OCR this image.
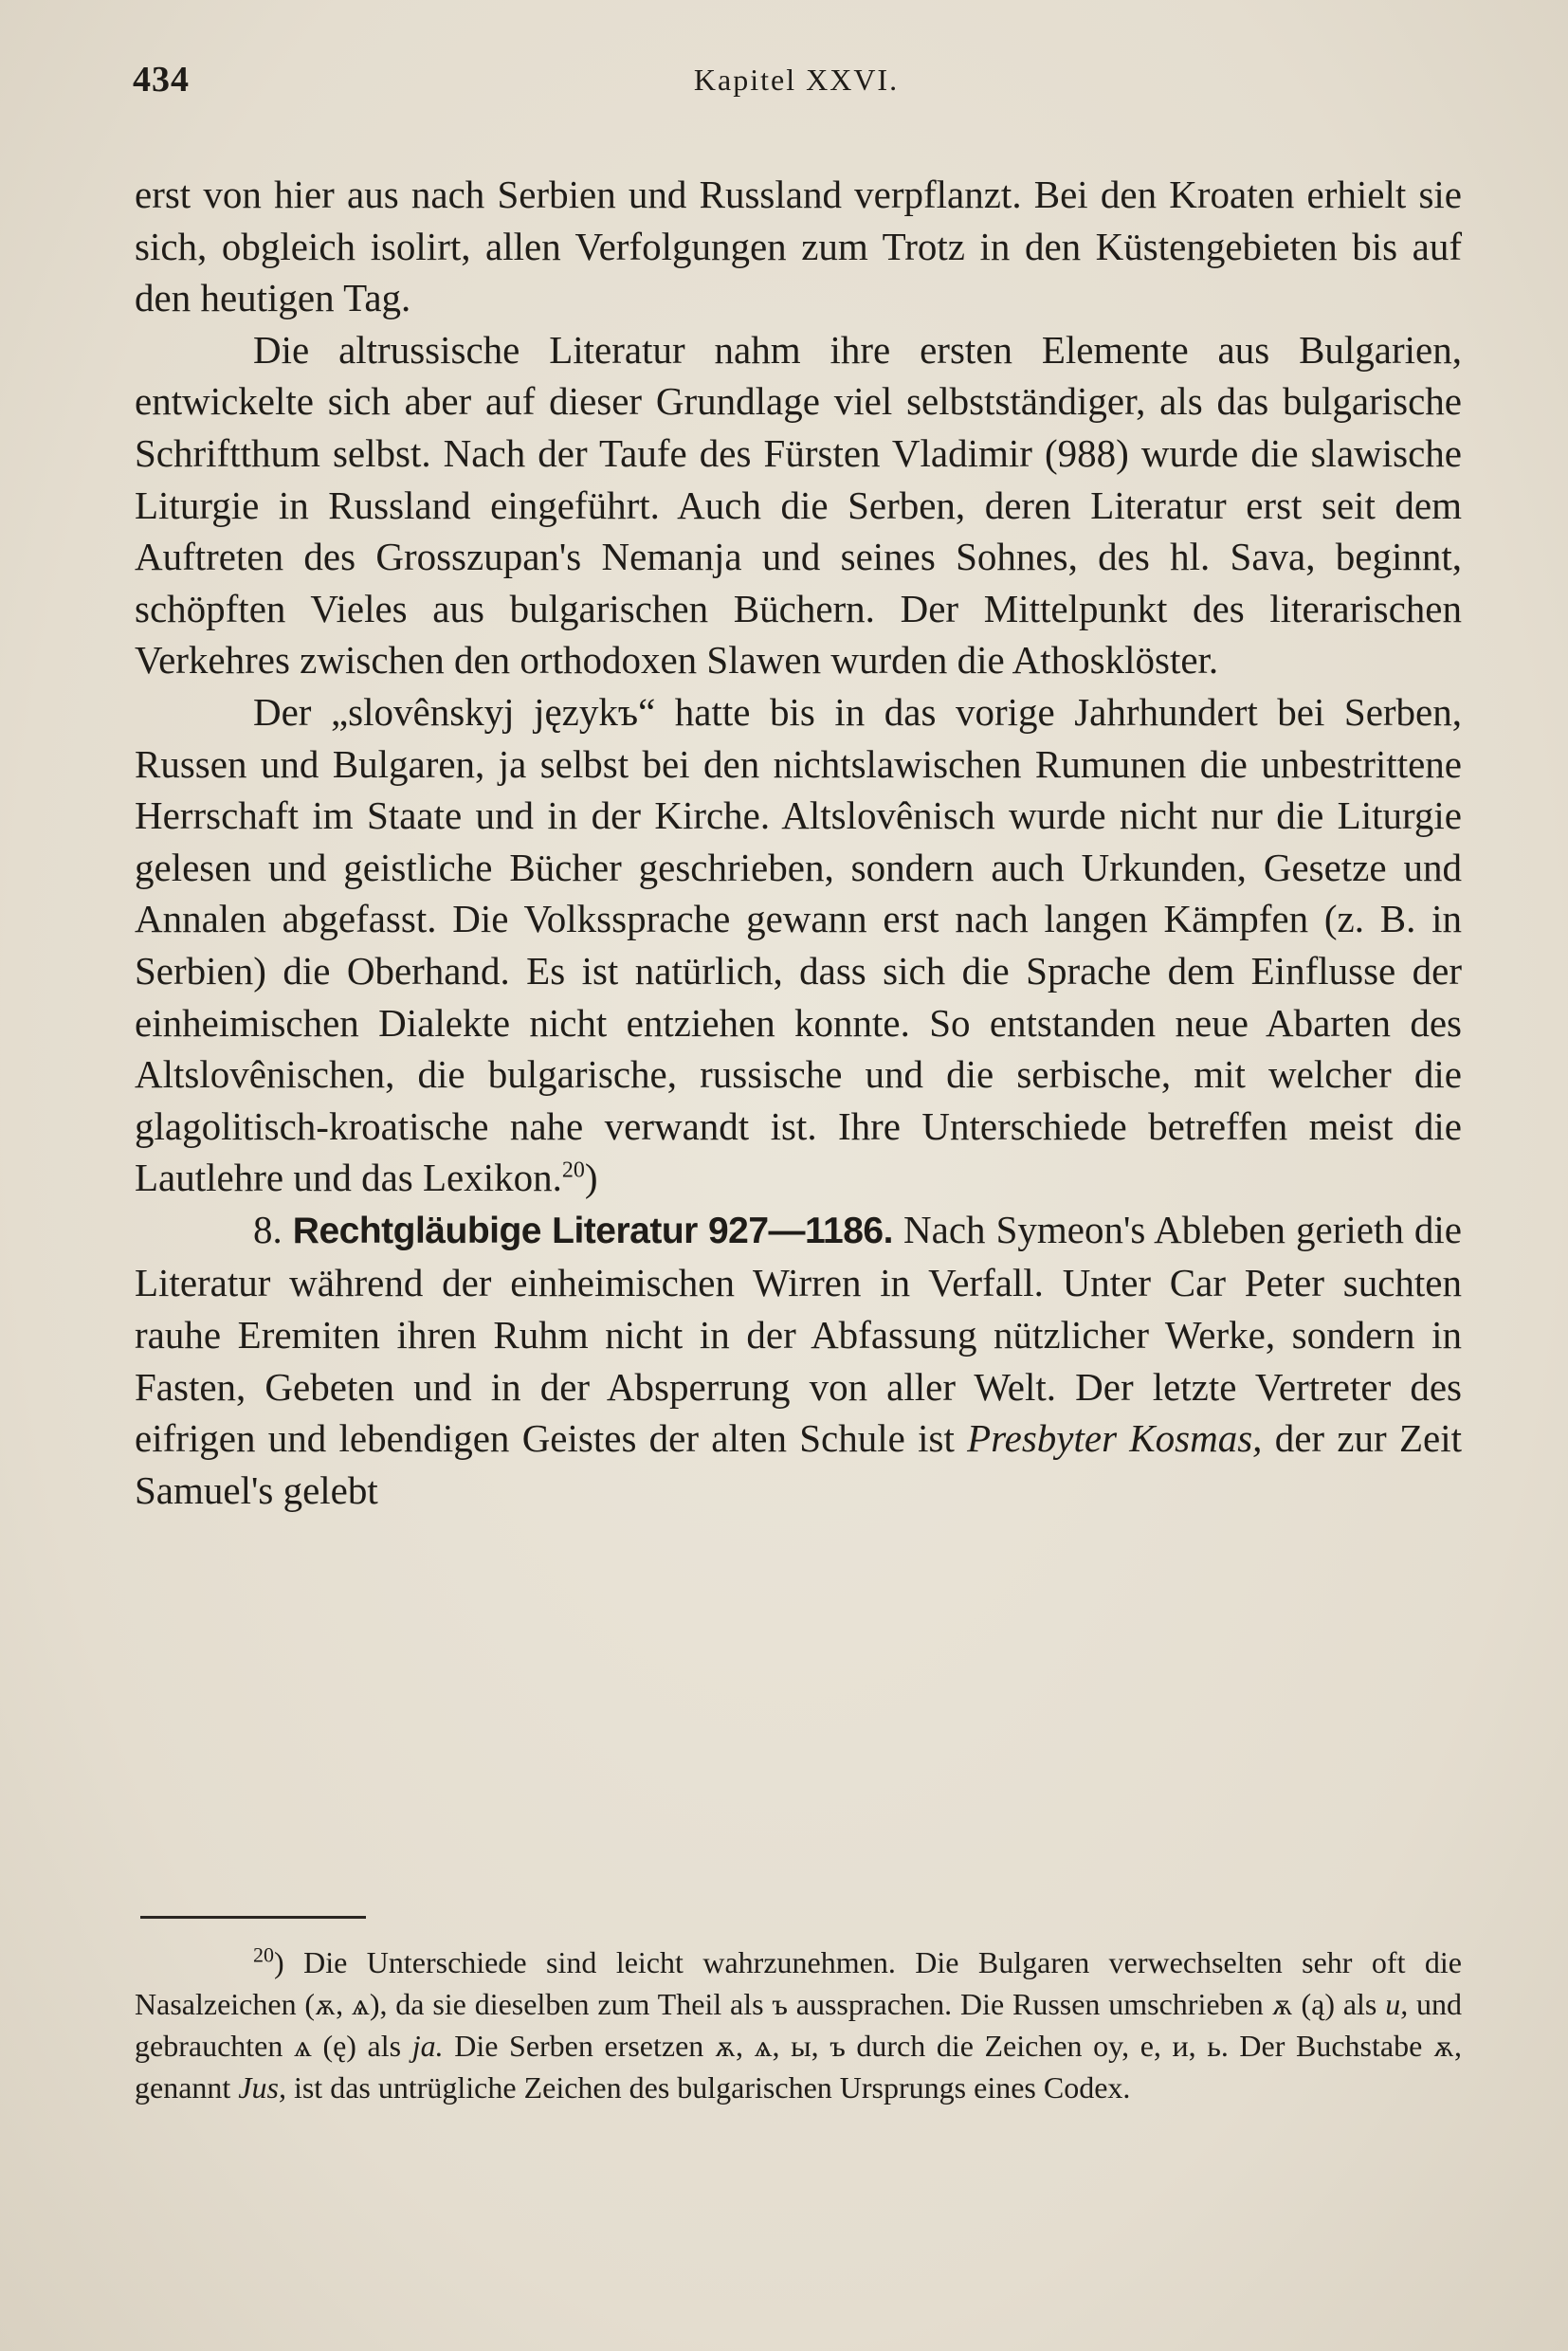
434	Kapitel XXVI.

erst von hier aus nach Serbien und Russland verpflanzt. Bei den Kroaten erhielt sie sich, obgleich isolirt, allen Verfolgungen zum Trotz in den Küstengebieten bis auf den heutigen Tag.

Die altrussische Literatur nahm ihre ersten Elemente aus Bulgarien, entwickelte sich aber auf dieser Grundlage viel selbstständiger, als das bulgarische Schriftthum selbst. Nach der Taufe des Fürsten Vladimir (988) wurde die slawische Liturgie in Russland eingeführt. Auch die Serben, deren Literatur erst seit dem Auftreten des Grosszupan's Nemanja und seines Sohnes, des hl. Sava, beginnt, schöpften Vieles aus bulgarischen Büchern. Der Mittelpunkt des literarischen Verkehres zwischen den orthodoxen Slawen wurden die Athosklöster.

Der „slovênskyj językъ“ hatte bis in das vorige Jahrhundert bei Serben, Russen und Bulgaren, ja selbst bei den nichtslawischen Rumunen die unbestrittene Herrschaft im Staate und in der Kirche. Altslovênisch wurde nicht nur die Liturgie gelesen und geistliche Bücher geschrieben, sondern auch Urkunden, Gesetze und Annalen abgefasst. Die Volkssprache gewann erst nach langen Kämpfen (z. B. in Serbien) die Oberhand. Es ist natürlich, dass sich die Sprache dem Einflusse der einheimischen Dialekte nicht entziehen konnte. So entstanden neue Abarten des Altslovênischen, die bulgarische, russische und die serbische, mit welcher die glagolitisch-kroatische nahe verwandt ist. Ihre Unterschiede betreffen meist die Lautlehre und das Lexikon.$^{20}$)

8. Rechtgläubige Literatur 927—1186. Nach Symeon's Ableben gerieth die Literatur während der einheimischen Wirren in Verfall. Unter Car Peter suchten rauhe Eremiten ihren Ruhm nicht in der Abfassung nützlicher Werke, sondern in Fasten, Gebeten und in der Absperrung von aller Welt. Der letzte Vertreter des eifrigen und lebendigen Geistes der alten Schule ist Presbyter Kosmas, der zur Zeit Samuel's gelebt

$^{20}$) Die Unterschiede sind leicht wahrzunehmen. Die Bulgaren verwechselten sehr oft die Nasalzeichen (ѫ, ѧ), da sie dieselben zum Theil als ъ aussprachen. Die Russen umschrieben ѫ (ą) als u, und gebrauchten ѧ (ę) als ja. Die Serben ersetzen ѫ, ѧ, ы, ъ durch die Zeichen oy, e, и, ь. Der Buchstabe ѫ, genannt Jus, ist das untrügliche Zeichen des bulgarischen Ursprungs eines Codex.
